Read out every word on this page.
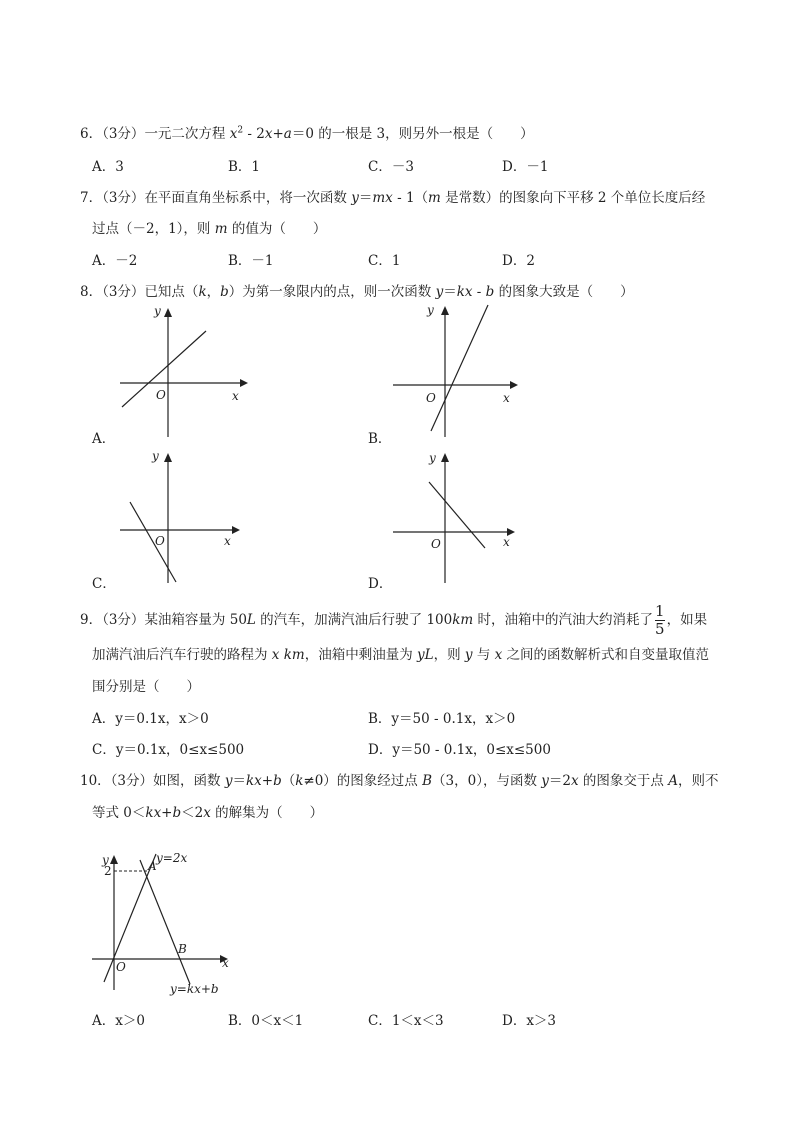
6．（3分）一元二次方程 $x^2 - 2x+a=0$ 的一根是 3，则另外一根是（　　）
A．3	B．1	C．－3	D．－1
7．（3分）在平面直角坐标系中，将一次函数 y＝mx - 1（m 是常数）的图象向下平移 2 个单位长度后经
过点（－2，1），则 m 的值为（　　）
A．－2	B．－1	C．1	D．2
8．（3分）已知点（k，b）为第一象限内的点，则一次函数 y＝kx - b 的图象大致是（　　）
y
x
O
A．
y
x
O
B．
y
x
O
C．
y
x
O
D．
9．（3分）某油箱容量为 50L 的汽车，加满汽油后行驶了 100km 时，油箱中的汽油大约消耗了 $\frac{1}{5}$ ，如果
加满汽油后汽车行驶的路程为 x km，油箱中剩油量为 yL，则 y 与 x 之间的函数解析式和自变量取值范
围分别是（　　）
A．y＝0.1x，x＞0	B．y＝50 - 0.1x，x＞0
C．y＝0.1x，0≤x≤500	D．y＝50 - 0.1x，0≤x≤500
10．（3分）如图，函数 y＝kx+b（k≠0）的图象经过点 B（3，0），与函数 y＝2x 的图象交于点 A，则不
等式 0＜kx+b＜2x 的解集为（　　）
y
x
O
2	A
B
y=2x
y=kx+b
A．x＞0	B．0＜x＜1	C．1＜x＜3	D．x＞3
